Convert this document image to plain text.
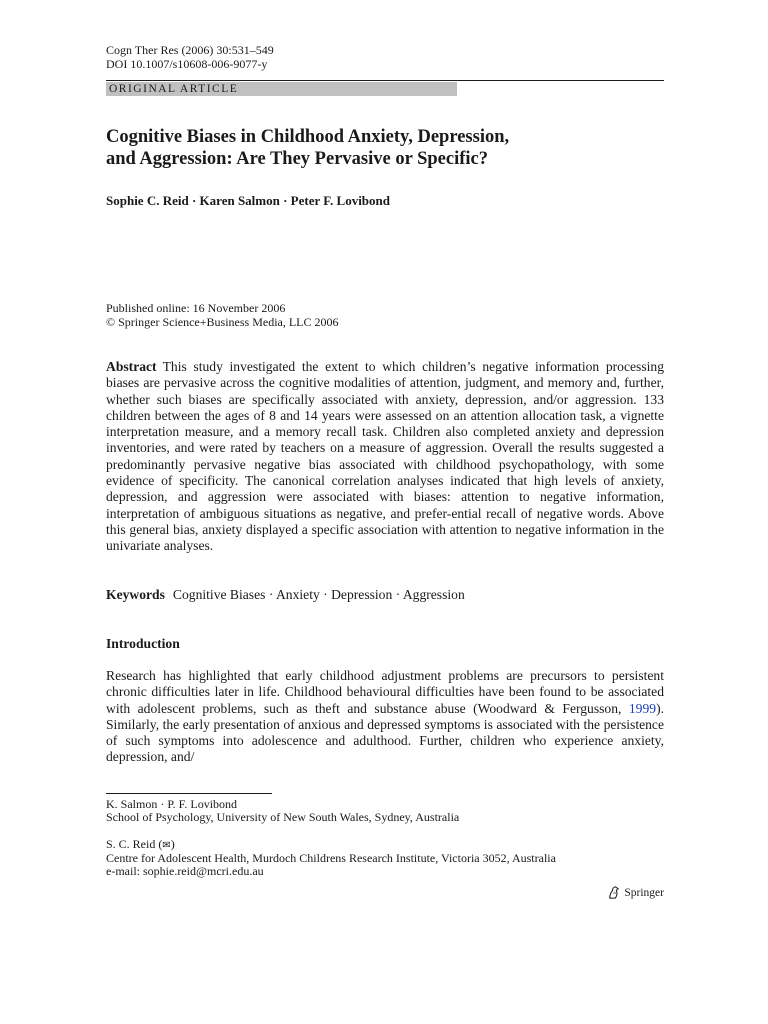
Cogn Ther Res (2006) 30:531–549
DOI 10.1007/s10608-006-9077-y
ORIGINAL ARTICLE
Cognitive Biases in Childhood Anxiety, Depression,
and Aggression: Are They Pervasive or Specific?
Sophie C. Reid · Karen Salmon · Peter F. Lovibond
Published online: 16 November 2006
© Springer Science+Business Media, LLC 2006

Abstract This study investigated the extent to which children’s negative information processing biases are pervasive across the cognitive modalities of attention, judgment, and memory and, further, whether such biases are specifically associated with anxiety, depression, and/or aggression. 133 children between the ages of 8 and 14 years were assessed on an attention allocation task, a vignette interpretation measure, and a memory recall task. Children also completed anxiety and depression inventories, and were rated by teachers on a measure of aggression. Overall the results suggested a predominantly pervasive negative bias associated with childhood psychopathology, with some evidence of specificity. The canonical correlation analyses indicated that high levels of anxiety, depression, and aggression were associated with biases: attention to negative information, interpretation of ambiguous situations as negative, and prefer-ential recall of negative words. Above this general bias, anxiety displayed a specific association with attention to negative information in the univariate analyses.

Keywords Cognitive Biases · Anxiety · Depression · Aggression
Introduction

Research has highlighted that early childhood adjustment problems are precursors to persistent chronic difficulties later in life. Childhood behavioural difficulties have been found to be associated with adolescent problems, such as theft and substance abuse (Woodward & Fergusson, 1999). Similarly, the early presentation of anxious and depressed symptoms is associated with the persistence of such symptoms into adolescence and adulthood. Further, children who experience anxiety, depression, and/

K. Salmon · P. F. Lovibond
School of Psychology, University of New South Wales, Sydney, Australia
S. C. Reid (✉)
Centre for Adolescent Health, Murdoch Childrens Research Institute, Victoria 3052, Australia
e-mail: sophie.reid@mcri.edu.au
Springer
